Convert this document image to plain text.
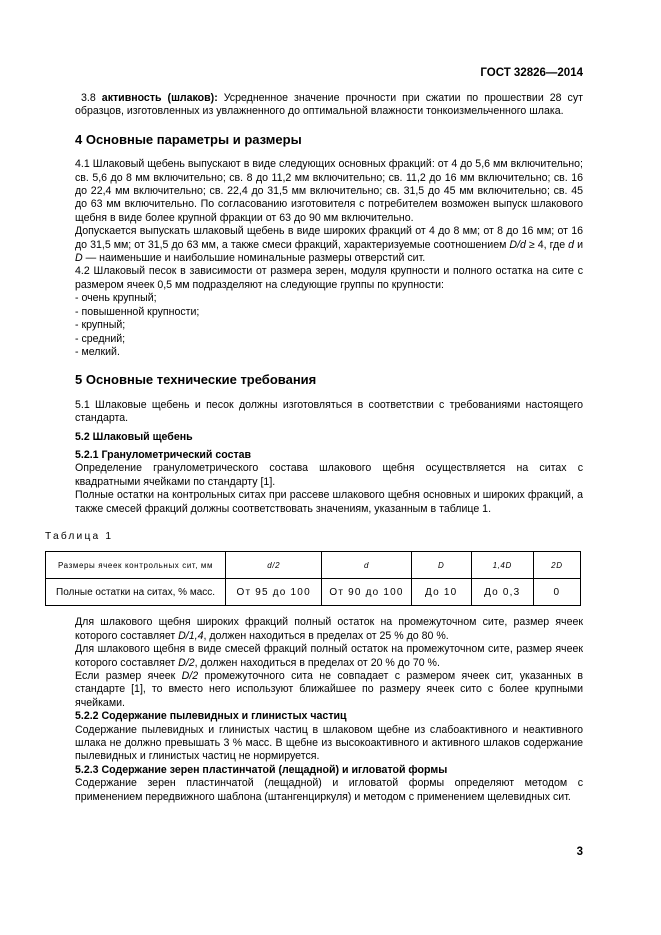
ГОСТ 32826—2014

3.8 активность (шлаков): Усредненное значение прочности при сжатии по прошествии 28 сут образцов, изготовленных из увлажненного до оптимальной влажности тонкоизмельченного шлака.

4 Основные параметры и размеры

4.1 Шлаковый щебень выпускают в виде следующих основных фракций: от 4 до 5,6 мм включительно; св. 5,6 до 8 мм включительно; св. 8 до 11,2 мм включительно; св. 11,2 до 16 мм включительно; св. 16 до 22,4 мм включительно; св. 22,4 до 31,5 мм включительно; св. 31,5 до 45 мм включительно; св. 45 до 63 мм включительно. По согласованию изготовителя с потребителем возможен выпуск шлакового щебня в виде более крупной фракции от 63 до 90 мм включительно.

Допускается выпускать шлаковый щебень в виде широких фракций от 4 до 8 мм; от 8 до 16 мм; от 16 до 31,5 мм; от 31,5 до 63 мм, а также смеси фракций, характеризуемые соотношением D/d ≥ 4, где d и D — наименьшие и наибольшие номинальные размеры отверстий сит.

4.2 Шлаковый песок в зависимости от размера зерен, модуля крупности и полного остатка на сите с размером ячеек 0,5 мм подразделяют на следующие группы по крупности:

- очень крупный;
- повышенной крупности;
- крупный;
- средний;
- мелкий.
5 Основные технические требования

5.1 Шлаковые щебень и песок должны изготовляться в соответствии с требованиями настоящего стандарта.

5.2 Шлаковый щебень

5.2.1 Гранулометрический состав

Определение гранулометрического состава шлакового щебня осуществляется на ситах с квадратными ячейками по стандарту [1].

Полные остатки на контрольных ситах при рассеве шлакового щебня основных и широких фракций, а также смесей фракций должны соответствовать значениям, указанным в таблице 1.

Таблица 1
Размеры ячеек контрольных сит, мм	d/2	d	D	1,4D	2D
Полные остатки на ситах, % масс.	От 95 до 100	От 90 до 100	До 10	До 0,3	0

Для шлакового щебня широких фракций полный остаток на промежуточном сите, размер ячеек которого составляет D/1,4, должен находиться в пределах от 25 % до 80 %.

Для шлакового щебня в виде смесей фракций полный остаток на промежуточном сите, размер ячеек которого составляет D/2, должен находиться в пределах от 20 % до 70 %.

Если размер ячеек D/2 промежуточного сита не совпадает с размером ячеек сит, указанных в стандарте [1], то вместо него используют ближайшее по размеру ячеек сито с более крупными ячейками.

5.2.2 Содержание пылевидных и глинистых частиц

Содержание пылевидных и глинистых частиц в шлаковом щебне из слабоактивного и неактивного шлака не должно превышать 3 % масс. В щебне из высокоактивного и активного шлаков содержание пылевидных и глинистых частиц не нормируется.

5.2.3 Содержание зерен пластинчатой (лещадной) и игловатой формы

Содержание зерен пластинчатой (лещадной) и игловатой формы определяют методом с применением передвижного шаблона (штангенциркуля) и методом с применением щелевидных сит.

3
